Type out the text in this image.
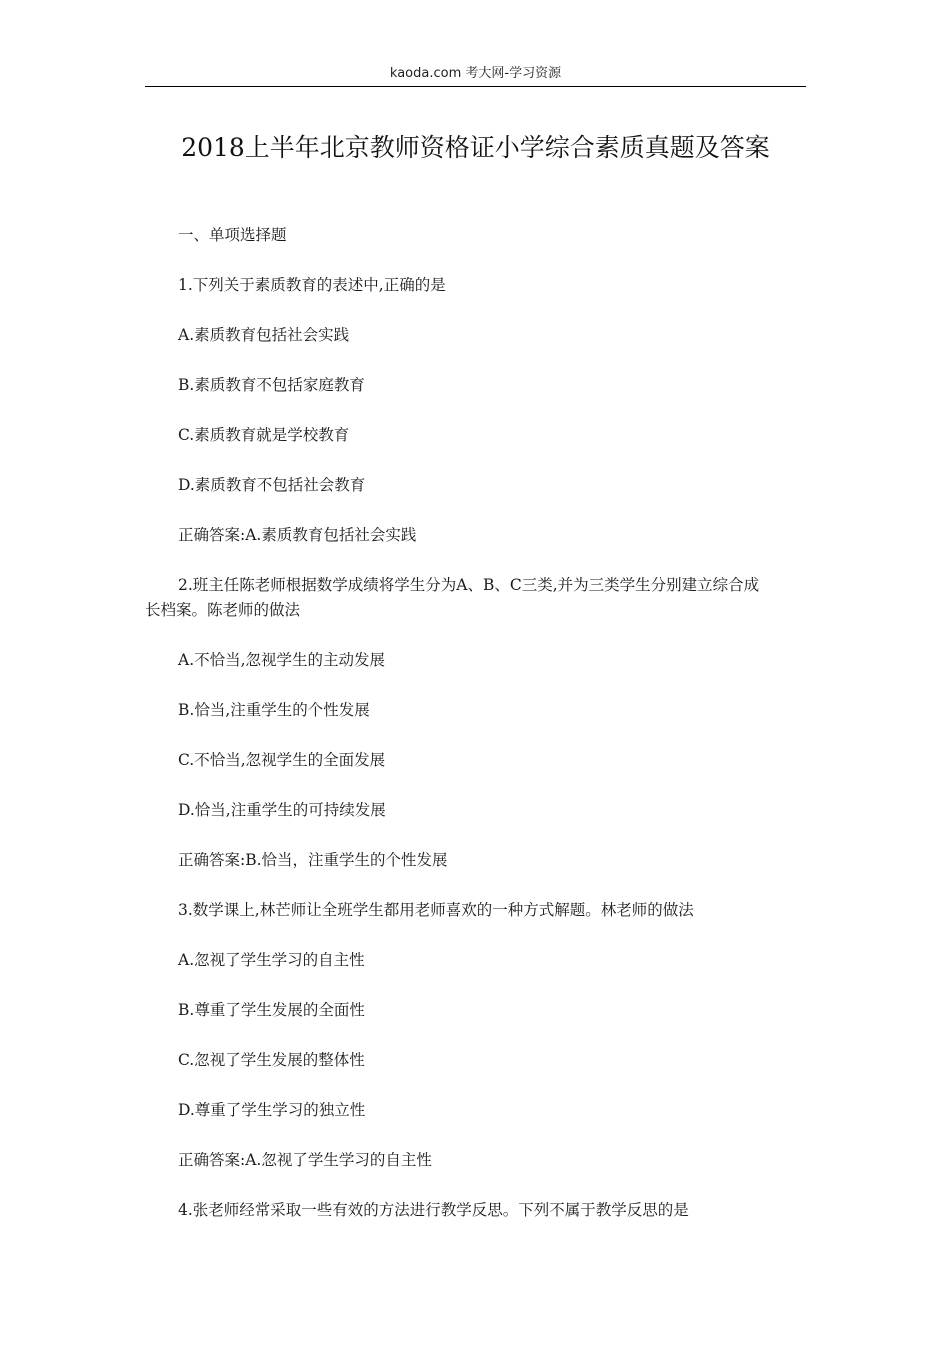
kaoda.com 考大网-学习资源
2018上半年北京教师资格证小学综合素质真题及答案
一、单项选择题
1.下列关于素质教育的表述中,正确的是
A.素质教育包括社会实践
B.素质教育不包括家庭教育
C.素质教育就是学校教育
D.素质教育不包括社会教育
正确答案:A.素质教育包括社会实践
2.班主任陈老师根据数学成绩将学生分为A、B、C三类,并为三类学生分别建立综合成
长档案。陈老师的做法
A.不恰当,忽视学生的主动发展
B.恰当,注重学生的个性发展
C.不恰当,忽视学生的全面发展
D.恰当,注重学生的可持续发展
正确答案:B.恰当，注重学生的个性发展
3.数学课上,林芒师让全班学生都用老师喜欢的一种方式解题。林老师的做法
A.忽视了学生学习的自主性
B.尊重了学生发展的全面性
C.忽视了学生发展的整体性
D.尊重了学生学习的独立性
正确答案:A.忽视了学生学习的自主性
4.张老师经常采取一些有效的方法进行教学反思。下列不属于教学反思的是
